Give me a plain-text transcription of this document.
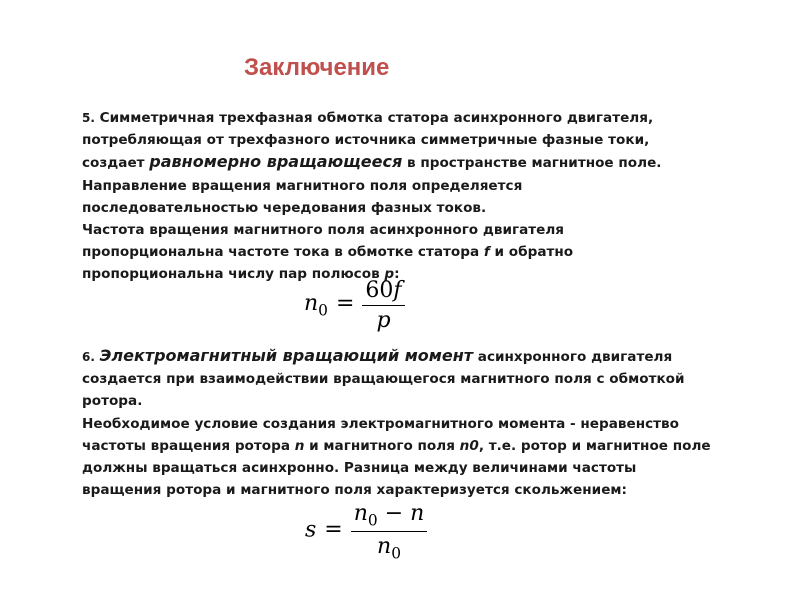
Заключение

5. Симметричная трехфазная обмотка статора асинхронного двигателя,

потребляющая от трехфазного источника симметричные фазные токи,

создает равномерно вращающееся в пространстве магнитное поле.

Направление вращения магнитного поля определяется

последовательностью чередования фазных токов.

Частота вращения магнитного поля асинхронного двигателя

пропорциональна частоте тока в обмотке статора f и обратно

пропорциональна числу пар полюсов p:

$n_0 = \frac{60f}{p}$

6. Электромагнитный вращающий момент асинхронного двигателя

создается при взаимодействии вращающегося магнитного поля с обмоткой

ротора.

Необходимое условие создания электромагнитного момента - неравенство

частоты вращения ротора n и магнитного поля n0, т.е. ротор и магнитное поле

должны вращаться асинхронно. Разница между величинами частоты

вращения ротора и магнитного поля характеризуется скольжением:

$s = \frac{n_0 - n}{n_0}$
